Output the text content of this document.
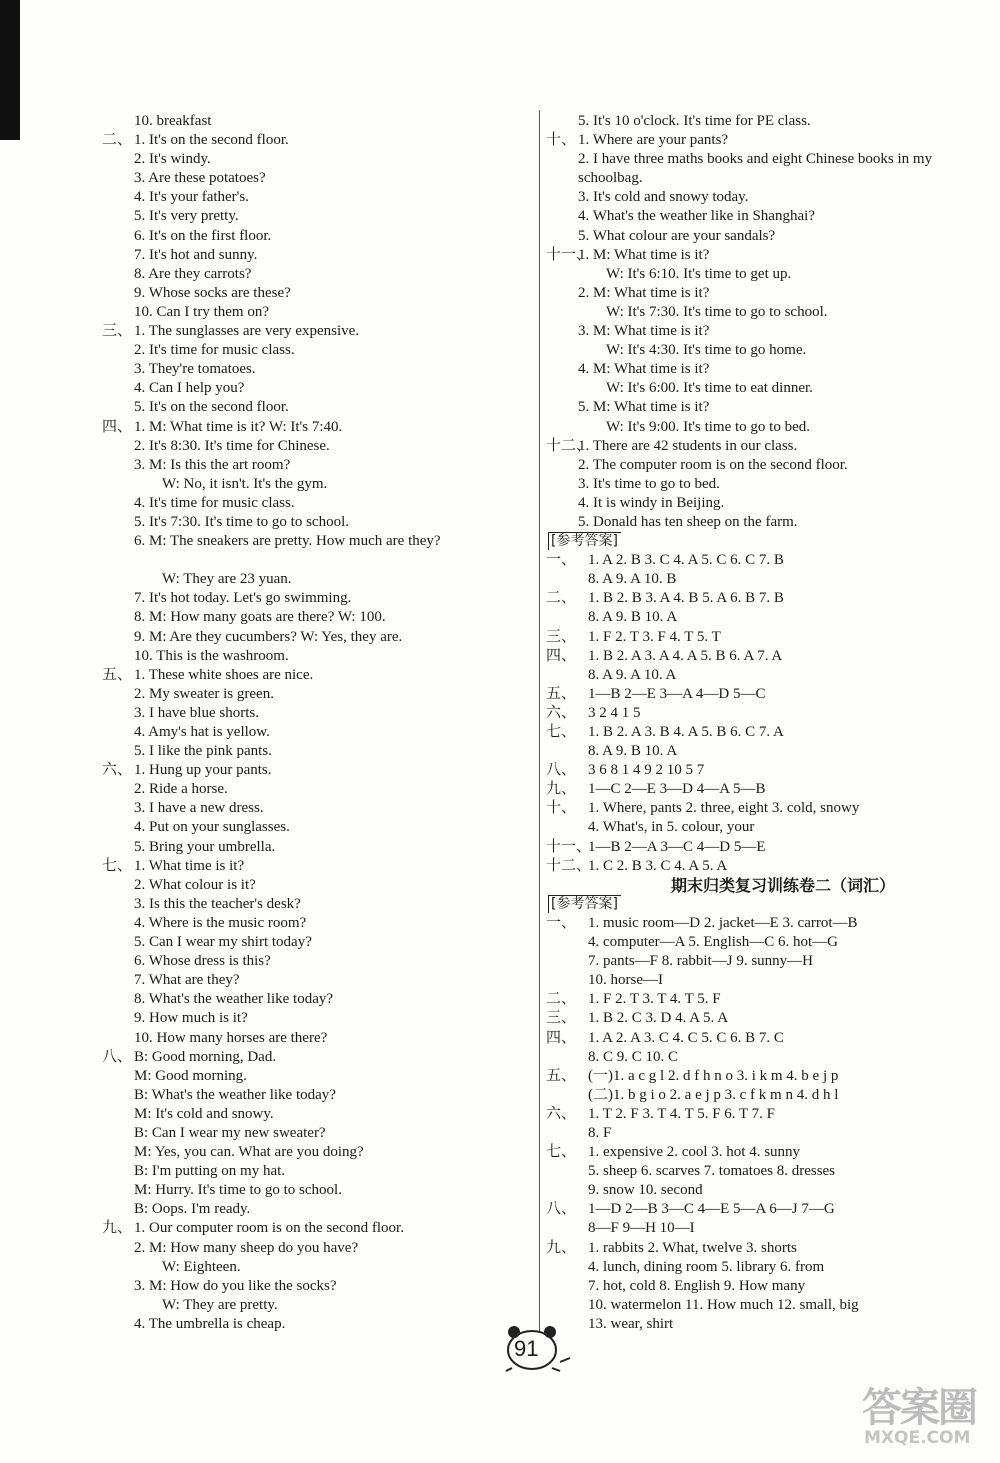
10. breakfast
二、 1. It's on the second floor.
2. It's windy.
3. Are these potatoes?
4. It's your father's.
5. It's very pretty.
6. It's on the first floor.
7. It's hot and sunny.
8. Are they carrots?
9. Whose socks are these?
10. Can I try them on?
三、 1. The sunglasses are very expensive.
2. It's time for music class.
3. They're tomatoes.
4. Can I help you?
5. It's on the second floor.
四、 1. M: What time is it? W: It's 7:40.
2. It's 8:30. It's time for Chinese.
3. M: Is this the art room?
W: No, it isn't. It's the gym.
4. It's time for music class.
5. It's 7:30. It's time to go to school.
6. M: The sneakers are pretty. How much are they?
W: They are 23 yuan.
7. It's hot today. Let's go swimming.
8. M: How many goats are there? W: 100.
9. M: Are they cucumbers? W: Yes, they are.
10. This is the washroom.
五、 1. These white shoes are nice.
2. My sweater is green.
3. I have blue shorts.
4. Amy's hat is yellow.
5. I like the pink pants.
六、 1. Hung up your pants.
2. Ride a horse.
3. I have a new dress.
4. Put on your sunglasses.
5. Bring your umbrella.
七、 1. What time is it?
2. What colour is it?
3. Is this the teacher's desk?
4. Where is the music room?
5. Can I wear my shirt today?
6. Whose dress is this?
7. What are they?
8. What's the weather like today?
9. How much is it?
10. How many horses are there?
八、 B: Good morning, Dad.
M: Good morning.
B: What's the weather like today?
M: It's cold and snowy.
B: Can I wear my new sweater?
M: Yes, you can. What are you doing?
B: I'm putting on my hat.
M: Hurry. It's time to go to school.
B: Oops. I'm ready.
九、 1. Our computer room is on the second floor.
2. M: How many sheep do you have?
W: Eighteen.
3. M: How do you like the socks?
W: They are pretty.
4. The umbrella is cheap.
5. It's 10 o'clock. It's time for PE class.
十、 1. Where are your pants?
2. I have three maths books and eight Chinese books in my schoolbag.
3. It's cold and snowy today.
4. What's the weather like in Shanghai?
5. What colour are your sandals?
十一、
1. M: What time is it?
W: It's 6:10. It's time to get up.
2. M: What time is it?
W: It's 7:30. It's time to go to school.
3. M: What time is it?
W: It's 4:30. It's time to go home.
4. M: What time is it?
W: It's 6:00. It's time to eat dinner.
5. M: What time is it?
W: It's 9:00. It's time to go to bed.
十二、
1. There are 42 students in our class.
2. The computer room is on the second floor.
3. It's time to go to bed.
4. It is windy in Beijing.
5. Donald has ten sheep on the farm.
[参考答案]
一、 1. A 2. B 3. C 4. A 5. C 6. C 7. B
8. A 9. A 10. B
二、 1. B 2. B 3. A 4. B 5. A 6. B 7. B
8. A 9. B 10. A
三、 1. F 2. T 3. F 4. T 5. T
四、 1. B 2. A 3. A 4. A 5. B 6. A 7. A
8. A 9. A 10. A
五、 1—B 2—E 3—A 4—D 5—C
六、 3 2 4 1 5
七、 1. B 2. A 3. B 4. A 5. B 6. C 7. A
8. A 9. B 10. A
八、 3 6 8 1 4 9 2 10 5 7
九、 1—C 2—E 3—D 4—A 5—B
十、 1. Where, pants 2. three, eight 3. cold, snowy
4. What's, in 5. colour, your
十一、
1—B 2—A 3—C 4—D 5—E
十二、
1. C 2. B 3. C 4. A 5. A
期末归类复习训练卷二（词汇）
[参考答案]
一、 1. music room—D 2. jacket—E 3. carrot—B
4. computer—A 5. English—C 6. hot—G
7. pants—F 8. rabbit—J 9. sunny—H
10. horse—I
二、 1. F 2. T 3. T 4. T 5. F
三、 1. B 2. C 3. D 4. A 5. A
四、 1. A 2. A 3. C 4. C 5. C 6. B 7. C
8. C 9. C 10. C
五、 (一)1. a c g l 2. d f h n o 3. i k m 4. b e j p
(二)1. b g i o 2. a e j p 3. c f k m n 4. d h l
六、 1. T 2. F 3. T 4. T 5. F 6. T 7. F
8. F
七、 1. expensive 2. cool 3. hot 4. sunny
5. sheep 6. scarves 7. tomatoes 8. dresses
9. snow 10. second
八、 1—D 2—B 3—C 4—E 5—A 6—J 7—G
8—F 9—H 10—I
九、 1. rabbits 2. What, twelve 3. shorts
4. lunch, dining room 5. library 6. from
7. hot, cold 8. English 9. How many
10. watermelon 11. How much 12. small, big
13. wear, shirt
91
答案圈
MXQE.COM
